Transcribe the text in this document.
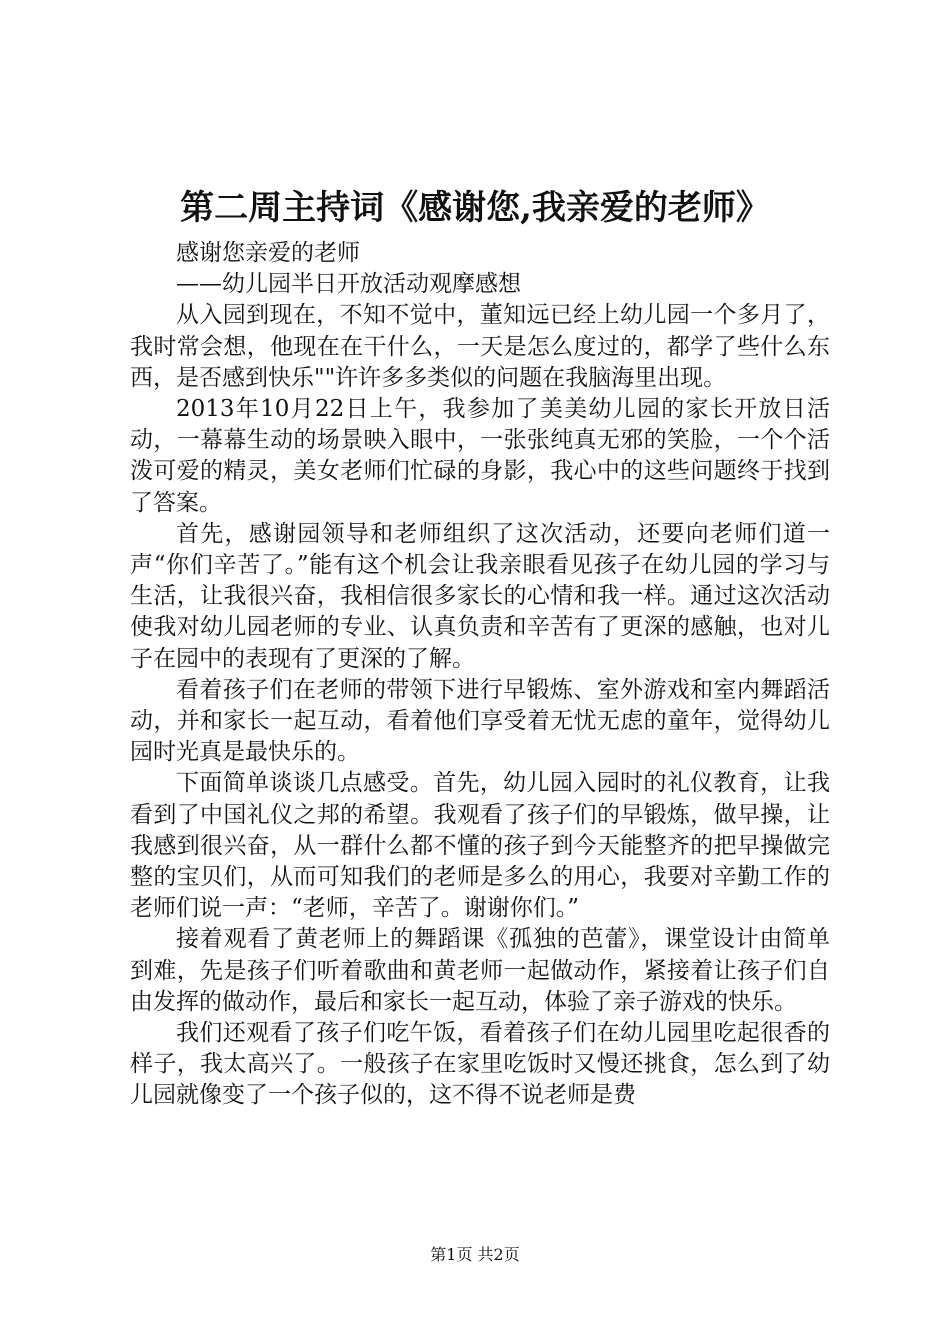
第二周主持词《感谢您,我亲爱的老师》

感谢您亲爱的老师

——幼儿园半日开放活动观摩感想

从入园到现在，不知不觉中，董知远已经上幼儿园一个多月了，我时常会想，他现在在干什么，一天是怎么度过的，都学了些什么东西，是否感到快乐""许许多多类似的问题在我脑海里出现。

2013年10月22日上午，我参加了美美幼儿园的家长开放日活动，一幕幕生动的场景映入眼中，一张张纯真无邪的笑脸，一个个活泼可爱的精灵，美女老师们忙碌的身影，我心中的这些问题终于找到了答案。

首先，感谢园领导和老师组织了这次活动，还要向老师们道一声“你们辛苦了。”能有这个机会让我亲眼看见孩子在幼儿园的学习与生活，让我很兴奋，我相信很多家长的心情和我一样。通过这次活动使我对幼儿园老师的专业、认真负责和辛苦有了更深的感触，也对儿子在园中的表现有了更深的了解。

看着孩子们在老师的带领下进行早锻炼、室外游戏和室内舞蹈活动，并和家长一起互动，看着他们享受着无忧无虑的童年，觉得幼儿园时光真是最快乐的。

下面简单谈谈几点感受。首先，幼儿园入园时的礼仪教育，让我看到了中国礼仪之邦的希望。我观看了孩子们的早锻炼，做早操，让我感到很兴奋，从一群什么都不懂的孩子到今天能整齐的把早操做完整的宝贝们，从而可知我们的老师是多么的用心，我要对辛勤工作的老师们说一声：“老师，辛苦了。谢谢你们。”

接着观看了黄老师上的舞蹈课《孤独的芭蕾》，课堂设计由简单到难，先是孩子们听着歌曲和黄老师一起做动作，紧接着让孩子们自由发挥的做动作，最后和家长一起互动，体验了亲子游戏的快乐。

我们还观看了孩子们吃午饭，看着孩子们在幼儿园里吃起很香的样子，我太高兴了。一般孩子在家里吃饭时又慢还挑食，怎么到了幼儿园就像变了一个孩子似的，这不得不说老师是费

第1页 共2页
